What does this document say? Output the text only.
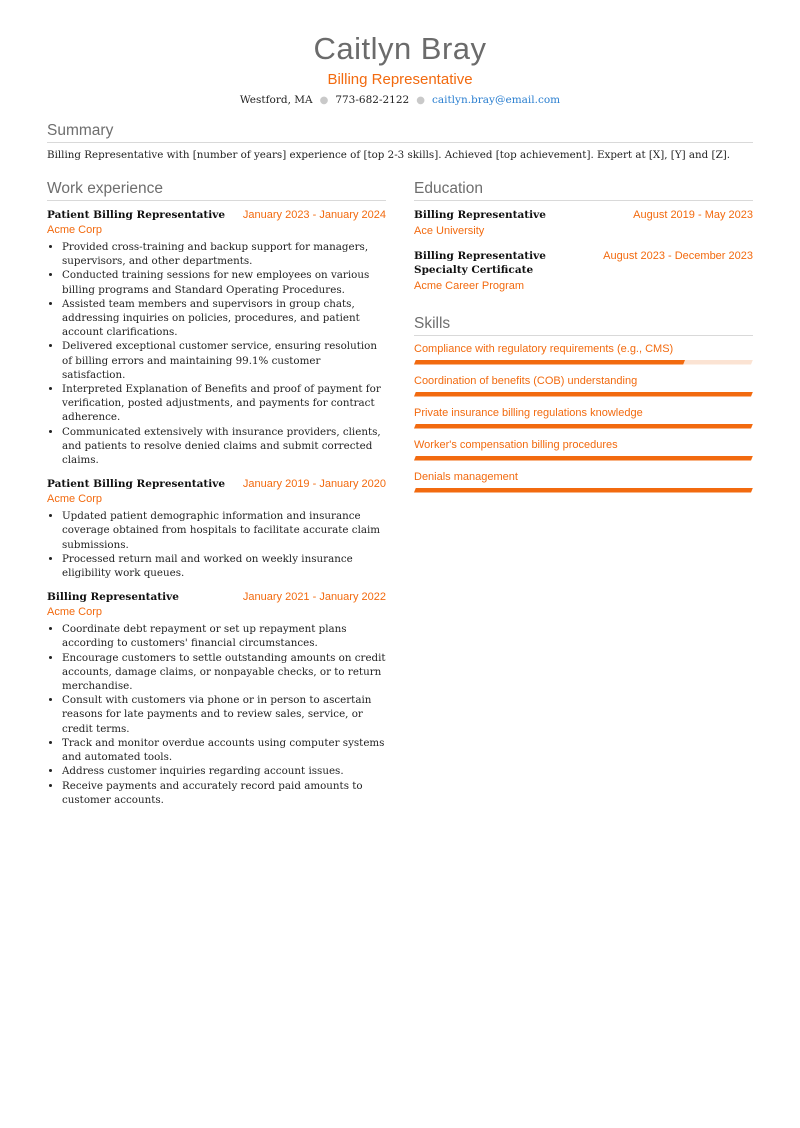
Caitlyn Bray
Billing Representative
Westford, MA ● 773-682-2122 ● caitlyn.bray@email.com
Summary
Billing Representative with [number of years] experience of [top 2-3 skills]. Achieved [top achievement]. Expert at [X], [Y] and [Z].
Work experience
Patient Billing Representative January 2023 - January 2024
Acme Corp
• Provided cross-training and backup support for managers, supervisors, and other departments.
• Conducted training sessions for new employees on various billing programs and Standard Operating Procedures.
• Assisted team members and supervisors in group chats, addressing inquiries on policies, procedures, and patient account clarifications.
• Delivered exceptional customer service, ensuring resolution of billing errors and maintaining 99.1% customer satisfaction.
• Interpreted Explanation of Benefits and proof of payment for verification, posted adjustments, and payments for contract adherence.
• Communicated extensively with insurance providers, clients, and patients to resolve denied claims and submit corrected claims.
Patient Billing Representative January 2019 - January 2020
Acme Corp
• Updated patient demographic information and insurance coverage obtained from hospitals to facilitate accurate claim submissions.
• Processed return mail and worked on weekly insurance eligibility work queues.
Billing Representative	January 2021 - January 2022
Acme Corp
• Coordinate debt repayment or set up repayment plans according to customers' financial circumstances.
• Encourage customers to settle outstanding amounts on credit accounts, damage claims, or nonpayable checks, or to return merchandise.
• Consult with customers via phone or in person to ascertain reasons for late payments and to review sales, service, or credit terms.
• Track and monitor overdue accounts using computer systems and automated tools.
• Address customer inquiries regarding account issues.
• Receive payments and accurately record paid amounts to customer accounts.
Education
Billing Representative	August 2019 - May 2023
Ace University
Billing Representative Specialty Certificate
August 2023 - December 2023
Acme Career Program
Skills
Compliance with regulatory requirements (e.g., CMS)
Coordination of benefits (COB) understanding
Private insurance billing regulations knowledge
Worker's compensation billing procedures
Denials management
